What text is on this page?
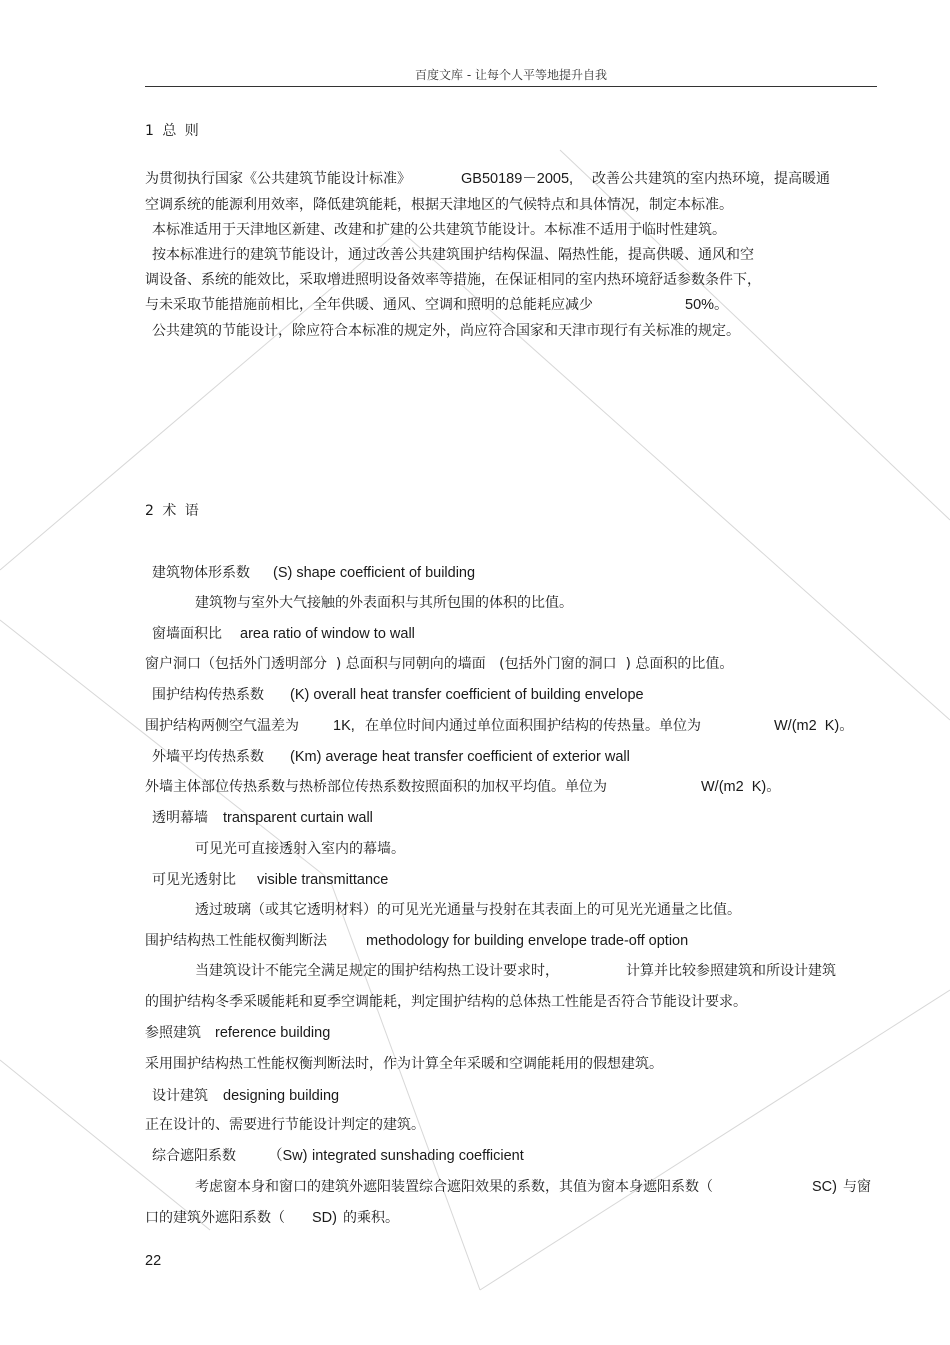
百度文库 - 让每个人平等地提升自我
1 总 则
为贯彻执行国家《公共建筑节能设计标准》	GB50189－2005, 改善公共建筑的室内热环境，提高暖通
空调系统的能源利用效率，降低建筑能耗，根据天津地区的气候特点和具体情况，制定本标准。
本标准适用于天津地区新建、改建和扩建的公共建筑节能设计。本标准不适用于临时性建筑。
按本标准进行的建筑节能设计，通过改善公共建筑围护结构保温、隔热性能，提高供暖、通风和空
调设备、系统的能效比，采取增进照明设备效率等措施，在保证相同的室内热环境舒适参数条件下，
与未采取节能措施前相比，全年供暖、通风、空调和照明的总能耗应减少	50%。
公共建筑的节能设计，除应符合本标准的规定外，尚应符合国家和天津市现行有关标准的规定。
2 术 语
建筑物体形系数 (S) shape coefficient of building
建筑物与室外大气接触的外表面积与其所包围的体积的比值。
窗墙面积比 area ratio of window to wall
窗户洞口（包括外门透明部分  ) 总面积与同朝向的墙面   (包括外门窗的洞口  ) 总面积的比值。
围护结构传热系数 (K) overall heat transfer coefficient of building envelope
围护结构两侧空气温差为 1K, 在单位时间内通过单位面积围护结构的传热量。单位为	W/(m2  K)。
外墙平均传热系数 (Km) average heat transfer coefficient of exterior wall
外墙主体部位传热系数与热桥部位传热系数按照面积的加权平均值。单位为	W/(m2  K)。
透明幕墙 transparent curtain wall
可见光可直接透射入室内的幕墙。
可见光透射比 visible transmittance
透过玻璃（或其它透明材料）的可见光光通量与投射在其表面上的可见光光通量之比值。
围护结构热工性能权衡判断法	methodology for building envelope trade-off option
当建筑设计不能完全满足规定的围护结构热工设计要求时，	计算并比较参照建筑和所设计建筑
的围护结构冬季采暖能耗和夏季空调能耗，判定围护结构的总体热工性能是否符合节能设计要求。
参照建筑 reference building
采用围护结构热工性能权衡判断法时，作为计算全年采暖和空调能耗用的假想建筑。
设计建筑 designing building
正在设计的、需要进行节能设计判定的建筑。
综合遮阳系数 （Sw) integrated sunshading coefficient
考虑窗本身和窗口的建筑外遮阳装置综合遮阳效果的系数，其值为窗本身遮阳系数（	SC) 与窗
口的建筑外遮阳系数（ SD) 的乘积。
22
